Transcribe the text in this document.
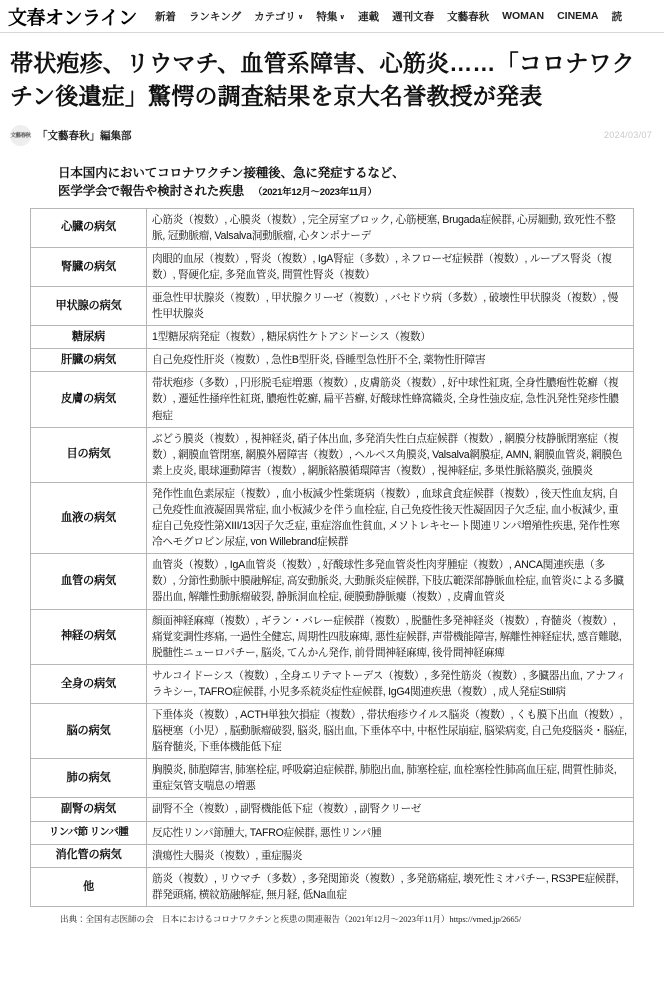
文春オンライン 新着 ランキング カテゴリ ∨ 特集 ∨ 連載 週刊文春 文藝春秋 WOMAN CINEMA 読
帯状疱疹、リウマチ、血管系障害、心筋炎……「コロナワクチン後遺症」驚愕の調査結果を京大名誉教授が発表
文藝春秋 「文藝春秋」編集部	2024/03/07
日本国内においてコロナワクチン接種後、急に発症するなど、
医学学会で報告や検討された疾患 （2021年12月～2023年11月）
心臓の病気	心筋炎（複数）, 心膜炎（複数）, 完全房室ブロック, 心筋梗塞, Brugada症候群, 心房細動, 致死性不整脈, 冠動脈瘤, Valsalva洞動脈瘤, 心タンポナーデ
腎臓の病気	肉眼的血尿（複数）, 腎炎（複数）, IgA腎症（多数）, ネフローゼ症候群（複数）, ループス腎炎（複数）, 腎硬化症, 多発血管炎, 間質性腎炎（複数）
甲状腺の病気	亜急性甲状腺炎（複数）, 甲状腺クリーゼ（複数）, バセドウ病（多数）, 破壊性甲状腺炎（複数）, 慢性甲状腺炎
糖尿病	1型糖尿病発症（複数）, 糖尿病性ケトアシドーシス（複数）
肝臓の病気	自己免疫性肝炎（複数）, 急性B型肝炎, 昏睡型急性肝不全, 薬物性肝障害
皮膚の病気	帯状疱疹（多数）, 円形脱毛症増悪（複数）, 皮膚筋炎（複数）, 好中球性紅斑, 全身性膿疱性乾癬（複数）, 遷延性掻痒性紅斑, 膿疱性乾癬, 扁平苔癬, 好酸球性蜂窩織炎, 全身性強皮症, 急性汎発性発疹性膿疱症
目の病気	ぶどう膜炎（複数）, 視神経炎, 硝子体出血, 多発消失性白点症候群（複数）, 網膜分枝静脈閉塞症（複数）, 網膜血管閉塞, 網膜外層障害（複数）, ヘルペス角膜炎, Valsalva網膜症, AMN, 網膜血管炎, 網膜色素上皮炎, 眼球運動障害（複数）, 網脈絡膜循環障害（複数）, 視神経症, 多巣性脈絡膜炎, 強膜炎
血液の病気	発作性血色素尿症（複数）, 血小板減少性紫斑病（複数）, 血球貪食症候群（複数）, 後天性血友病, 自己免疫性血液凝固異常症, 血小板減少を伴う血栓症, 自己免疫性後天性凝固因子欠乏症, 血小板減少, 重症自己免疫性第XIII/13因子欠乏症, 重症溶血性貧血, メソトレキセート関連リンパ増殖性疾患, 発作性寒冷ヘモグロビン尿症, von Willebrand症候群
血管の病気	血管炎（複数）, IgA血管炎（複数）, 好酸球性多発血管炎性肉芽腫症（複数）, ANCA関連疾患（多数）, 分節性動脈中膜融解症, 高安動脈炎, 大動脈炎症候群, 下肢広範深部静脈血栓症, 血管炎による多臓器出血, 解離性動脈瘤破裂, 静脈洞血栓症, 硬膜動静脈瘻（複数）, 皮膚血管炎
神経の病気	顔面神経麻痺（複数）, ギラン・バレー症候群（複数）, 脱髄性多発神経炎（複数）, 脊髄炎（複数）, 痛覚変調性疼痛, 一過性全健忘, 周期性四肢麻痺, 悪性症候群, 声帯機能障害, 解離性神経症状, 感音難聴, 脱髄性ニューロパチー, 脳炎, てんかん発作, 前骨間神経麻痺, 後骨間神経麻痺
全身の病気	サルコイドーシス（複数）, 全身エリテマトーデス（複数）, 多発性筋炎（複数）, 多臓器出血, アナフィラキシー, TAFRO症候群, 小児多系統炎症性症候群, IgG4関連疾患（複数）, 成人発症Still病
脳の病気	下垂体炎（複数）, ACTH単独欠損症（複数）, 帯状疱疹ウイルス脳炎（複数）, くも膜下出血（複数）, 脳梗塞（小児）, 脳動脈瘤破裂, 脳炎, 脳出血, 下垂体卒中, 中枢性尿崩症, 脳梁病変, 自己免疫脳炎・脳症, 脳脊髄炎, 下垂体機能低下症
肺の病気	胸膜炎, 肺胞障害, 肺塞栓症, 呼吸窮迫症候群, 肺胞出血, 肺塞栓症, 血栓塞栓性肺高血圧症, 間質性肺炎, 重症気管支喘息の増悪
副腎の病気	副腎不全（複数）, 副腎機能低下症（複数）, 副腎クリーゼ
リンパ節 リンパ腫	反応性リンパ節腫大, TAFRO症候群, 悪性リンパ腫
消化管の病気	潰瘍性大腸炎（複数）, 重症腸炎
他	筋炎（複数）, リウマチ（多数）, 多発関節炎（複数）, 多発筋痛症, 壊死性ミオパチー, RS3PE症候群, 群発頭痛, 横紋筋融解症, 無月経, 低Na血症
出典：全国有志医師の会　日本におけるコロナワクチンと疾患の関連報告（2021年12月～2023年11月）https://vmed.jp/2665/
